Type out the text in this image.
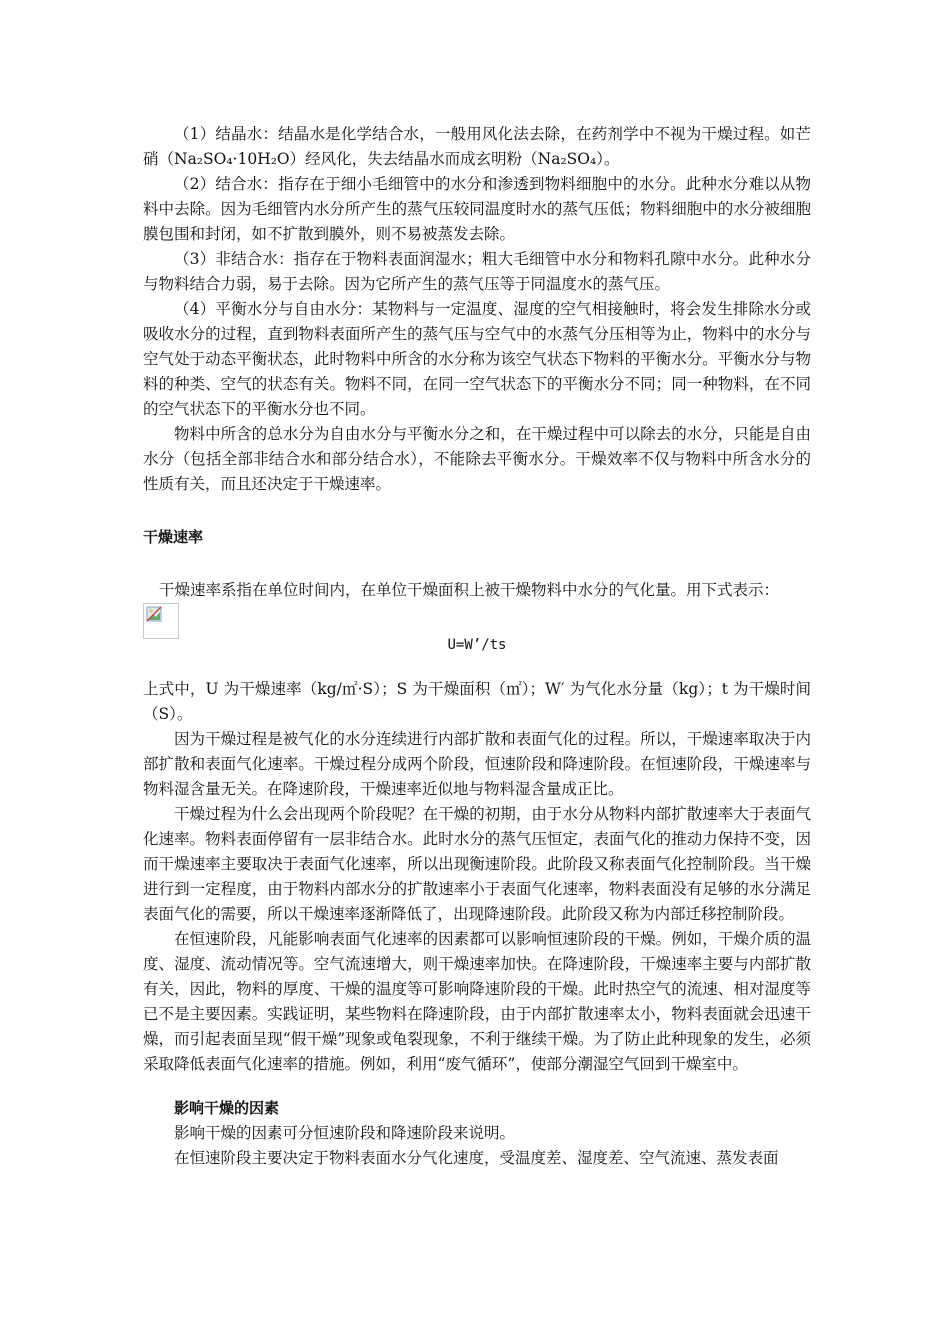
（1）结晶水：结晶水是化学结合水，一般用风化法去除，在药剂学中不视为干燥过程。如芒硝（Na₂SO₄·10H₂O）经风化，失去结晶水而成玄明粉（Na₂SO₄）。

（2）结合水：指存在于细小毛细管中的水分和渗透到物料细胞中的水分。此种水分难以从物料中去除。因为毛细管内水分所产生的蒸气压较同温度时水的蒸气压低；物料细胞中的水分被细胞膜包围和封闭，如不扩散到膜外，则不易被蒸发去除。

（3）非结合水：指存在于物料表面润湿水；粗大毛细管中水分和物料孔隙中水分。此种水分与物料结合力弱，易于去除。因为它所产生的蒸气压等于同温度水的蒸气压。

（4）平衡水分与自由水分：某物料与一定温度、湿度的空气相接触时，将会发生排除水分或吸收水分的过程，直到物料表面所产生的蒸气压与空气中的水蒸气分压相等为止，物料中的水分与空气处于动态平衡状态，此时物料中所含的水分称为该空气状态下物料的平衡水分。平衡水分与物料的种类、空气的状态有关。物料不同，在同一空气状态下的平衡水分不同；同一种物料，在不同的空气状态下的平衡水分也不同。

物料中所含的总水分为自由水分与平衡水分之和，在干燥过程中可以除去的水分，只能是自由水分（包括全部非结合水和部分结合水），不能除去平衡水分。干燥效率不仅与物料中所含水分的性质有关，而且还决定于干燥速率。

干燥速率

干燥速率系指在单位时间内，在单位干燥面积上被干燥物料中水分的气化量。用下式表示：

U=W’/ts

上式中，U 为干燥速率（kg/㎡·S）；S 为干燥面积（㎡）；W′ 为气化水分量（kg）；t 为干燥时间（S）。

因为干燥过程是被气化的水分连续进行内部扩散和表面气化的过程。所以，干燥速率取决于内部扩散和表面气化速率。干燥过程分成两个阶段，恒速阶段和降速阶段。在恒速阶段，干燥速率与物料湿含量无关。在降速阶段，干燥速率近似地与物料湿含量成正比。

干燥过程为什么会出现两个阶段呢？在干燥的初期，由于水分从物料内部扩散速率大于表面气化速率。物料表面停留有一层非结合水。此时水分的蒸气压恒定，表面气化的推动力保持不变，因而干燥速率主要取决于表面气化速率，所以出现衡速阶段。此阶段又称表面气化控制阶段。当干燥进行到一定程度，由于物料内部水分的扩散速率小于表面气化速率，物料表面没有足够的水分满足表面气化的需要，所以干燥速率逐渐降低了，出现降速阶段。此阶段又称为内部迁移控制阶段。

在恒速阶段，凡能影响表面气化速率的因素都可以影响恒速阶段的干燥。例如，干燥介质的温度、湿度、流动情况等。空气流速增大，则干燥速率加快。在降速阶段，干燥速率主要与内部扩散有关，因此，物料的厚度、干燥的温度等可影响降速阶段的干燥。此时热空气的流速、相对湿度等已不是主要因素。实践证明，某些物料在降速阶段，由于内部扩散速率太小，物料表面就会迅速干燥，而引起表面呈现“假干燥”现象或龟裂现象，不利于继续干燥。为了防止此种现象的发生，必须采取降低表面气化速率的措施。例如，利用“废气循环”，使部分潮湿空气回到干燥室中。

影响干燥的因素

影响干燥的因素可分恒速阶段和降速阶段来说明。

在恒速阶段主要决定于物料表面水分气化速度，受温度差、湿度差、空气流速、蒸发表面
